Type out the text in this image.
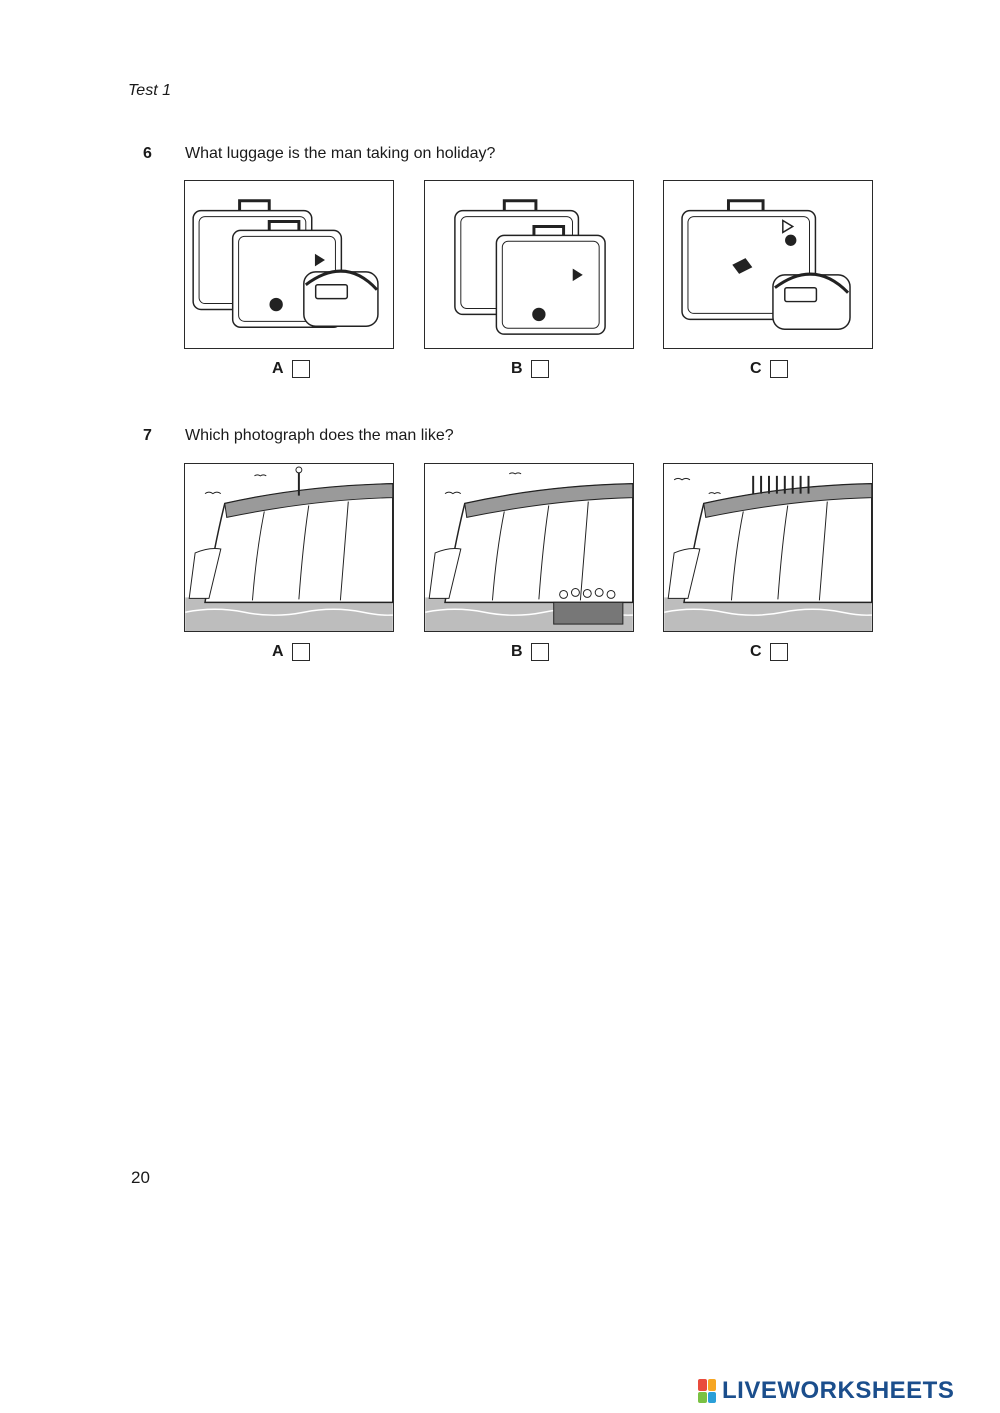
Test 1
6 What luggage is the man taking on holiday?
A	B	C
7 Which photograph does the man like?
A	B	C
20
LIVEWORKSHEETS
